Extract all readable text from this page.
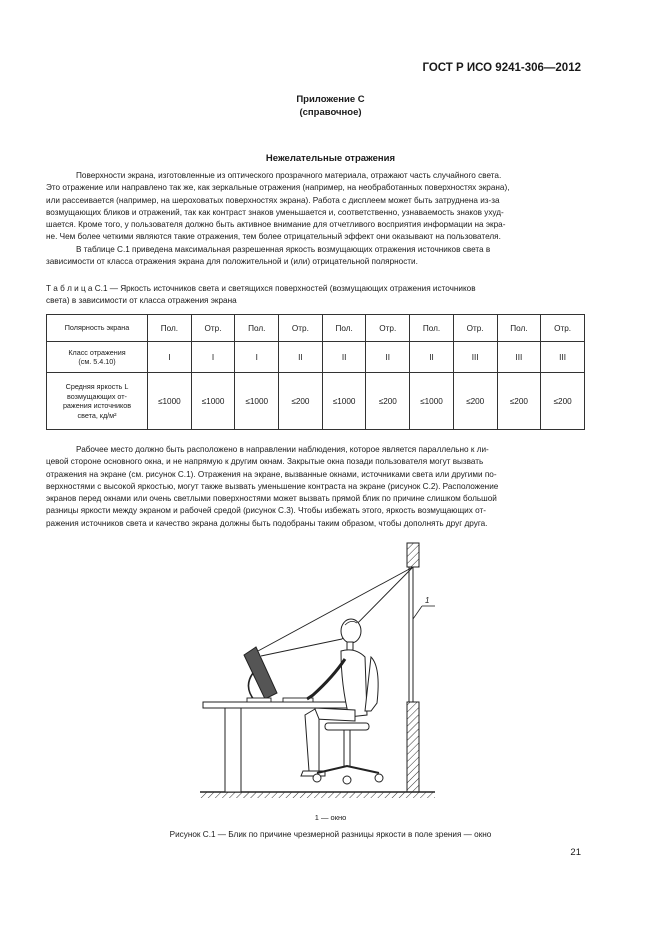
ГОСТ Р ИСО 9241-306—2012
Приложение С
(справочное)
Нежелательные отражения

Поверхности экрана, изготовленные из оптического прозрачного материала, отражают часть случайного света.
Это отражение или направлено так же, как зеркальные отражения (например, на необработанных поверхностях экрана),
или рассеивается (например, на шероховатых поверхностях экрана). Работа с дисплеем может быть затруднена из-за
возмущающих бликов и отражений, так как контраст знаков уменьшается и, соответственно, узнаваемость знаков ухуд-
шается. Кроме того, у пользователя должно быть активное внимание для отчетливого восприятия информации на экра-
не. Чем более четкими являются такие отражения, тем более отрицательный эффект они оказывают на пользователя.

В таблице С.1 приведена максимальная разрешенная яркость возмущающих отражения источников света в
зависимости от класса отражения экрана для положительной и (или) отрицательной полярности.

Т а б л и ц а С.1 — Яркость источников света и светящихся поверхностей (возмущающих отражения источников
света) в зависимости от класса отражения экрана
Полярность экрана	Пол.	Отр.	Пол.	Отр.	Пол.	Отр.	Пол.	Отр.	Пол.	Отр.

Класс отражения
(см. 5.4.10)	I	I	I	II	II	II	II	III	III	III

Средняя яркость L
возмущающих от-
ражения источников
света, кд/м²	≤1000	≤1000	≤1000	≤200	≤1000	≤200	≤1000	≤200	≤200	≤200

Рабочее место должно быть расположено в направлении наблюдения, которое является параллельно к ли-
цевой стороне основного окна, и не напрямую к другим окнам. Закрытые окна позади пользователя могут вызвать
отражения на экране (см. рисунок С.1). Отражения на экране, вызванные окнами, источниками света или другими по-
верхностями с высокой яркостью, могут также вызвать уменьшение контраста на экране (рисунок С.2). Расположение
экранов перед окнами или очень светлыми поверхностями может вызвать прямой блик по причине слишком большой
разницы яркости между экраном и рабочей средой (рисунок С.3). Чтобы избежать этого, яркость возмущающих от-
ражения источников света и качество экрана должны быть подобраны таким образом, чтобы дополнять друг друга.

1
1 — окно
Рисунок С.1 — Блик по причине чрезмерной разницы яркости в поле зрения — окно
21
